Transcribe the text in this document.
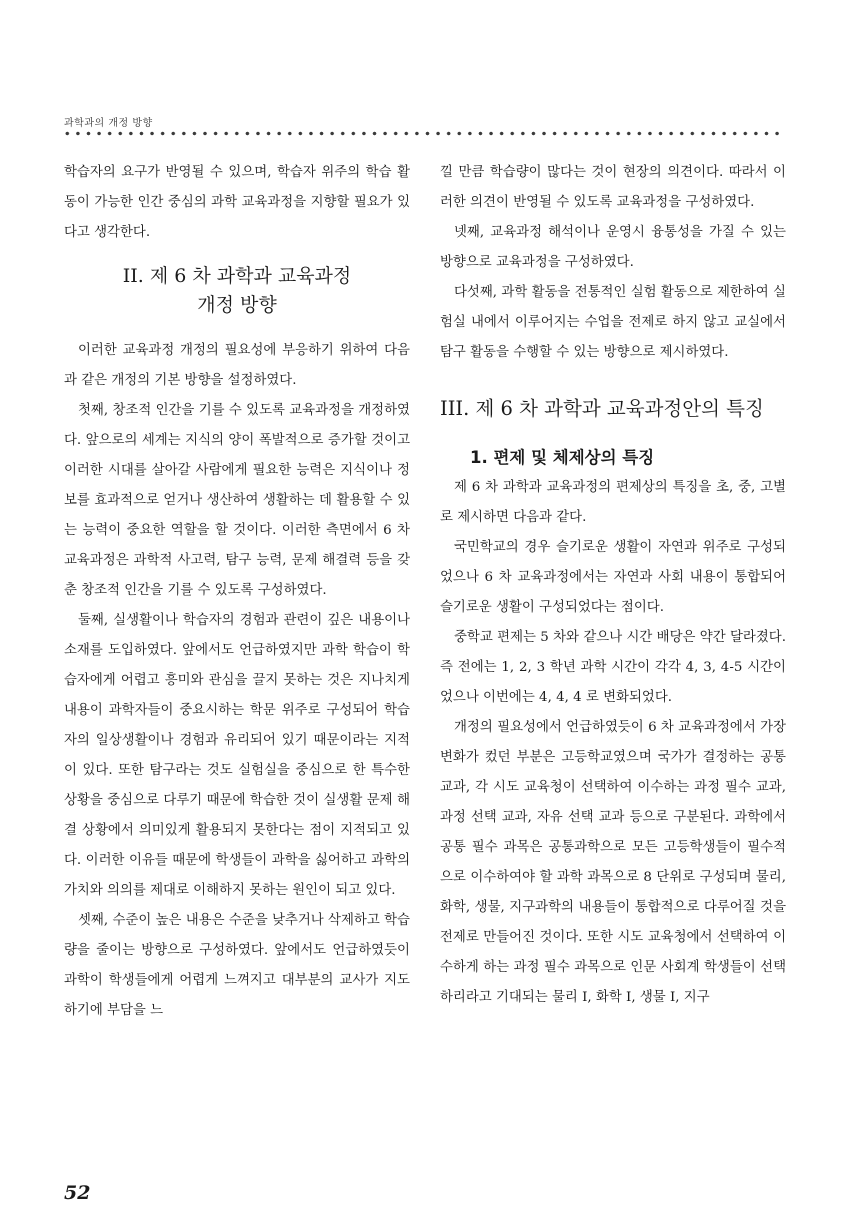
과학과의 개정 방향

학습자의 요구가 반영될 수 있으며, 학습자 위주의 학습 활동이 가능한 인간 중심의 과학 교육과정을 지향할 필요가 있다고 생각한다.

II. 제 6 차 과학과 교육과정
개정 방향

이러한 교육과정 개정의 필요성에 부응하기 위하여 다음과 같은 개정의 기본 방향을 설정하였다.

첫째, 창조적 인간을 기를 수 있도록 교육과정을 개정하였다. 앞으로의 세계는 지식의 양이 폭발적으로 증가할 것이고 이러한 시대를 살아갈 사람에게 필요한 능력은 지식이나 정보를 효과적으로 얻거나 생산하여 생활하는 데 활용할 수 있는 능력이 중요한 역할을 할 것이다. 이러한 측면에서 6 차 교육과정은 과학적 사고력, 탐구 능력, 문제 해결력 등을 갖춘 창조적 인간을 기를 수 있도록 구성하였다.

둘째, 실생활이나 학습자의 경험과 관련이 깊은 내용이나 소재를 도입하였다. 앞에서도 언급하였지만 과학 학습이 학습자에게 어렵고 흥미와 관심을 끌지 못하는 것은 지나치게 내용이 과학자들이 중요시하는 학문 위주로 구성되어 학습자의 일상생활이나 경험과 유리되어 있기 때문이라는 지적이 있다. 또한 탐구라는 것도 실험실을 중심으로 한 특수한 상황을 중심으로 다루기 때문에 학습한 것이 실생활 문제 해결 상황에서 의미있게 활용되지 못한다는 점이 지적되고 있다. 이러한 이유들 때문에 학생들이 과학을 싫어하고 과학의 가치와 의의를 제대로 이해하지 못하는 원인이 되고 있다.

셋째, 수준이 높은 내용은 수준을 낮추거나 삭제하고 학습량을 줄이는 방향으로 구성하였다. 앞에서도 언급하였듯이 과학이 학생들에게 어렵게 느껴지고 대부분의 교사가 지도하기에 부담을 느

낄 만큼 학습량이 많다는 것이 현장의 의견이다. 따라서 이러한 의견이 반영될 수 있도록 교육과정을 구성하였다.

넷째, 교육과정 해석이나 운영시 융통성을 가질 수 있는 방향으로 교육과정을 구성하였다.

다섯째, 과학 활동을 전통적인 실험 활동으로 제한하여 실험실 내에서 이루어지는 수업을 전제로 하지 않고 교실에서 탐구 활동을 수행할 수 있는 방향으로 제시하였다.

III. 제 6 차 과학과 교육과정안의 특징
1. 편제 및 체제상의 특징

제 6 차 과학과 교육과정의 편제상의 특징을 초, 중, 고별로 제시하면 다음과 같다.

국민학교의 경우 슬기로운 생활이 자연과 위주로 구성되었으나 6 차 교육과정에서는 자연과 사회 내용이 통합되어 슬기로운 생활이 구성되었다는 점이다.

중학교 편제는 5 차와 같으나 시간 배당은 약간 달라졌다. 즉 전에는 1, 2, 3 학년 과학 시간이 각각 4, 3, 4-5 시간이었으나 이번에는 4, 4, 4 로 변화되었다.

개정의 필요성에서 언급하였듯이 6 차 교육과정에서 가장 변화가 컸던 부분은 고등학교였으며 국가가 결정하는 공통 교과, 각 시도 교육청이 선택하여 이수하는 과정 필수 교과, 과정 선택 교과, 자유 선택 교과 등으로 구분된다. 과학에서 공통 필수 과목은 공통과학으로 모든 고등학생들이 필수적으로 이수하여야 할 과학 과목으로 8 단위로 구성되며 물리, 화학, 생물, 지구과학의 내용들이 통합적으로 다루어질 것을 전제로 만들어진 것이다. 또한 시도 교육청에서 선택하여 이수하게 하는 과정 필수 과목으로 인문 사회계 학생들이 선택하리라고 기대되는 물리 I, 화학 I, 생물 I, 지구

52
